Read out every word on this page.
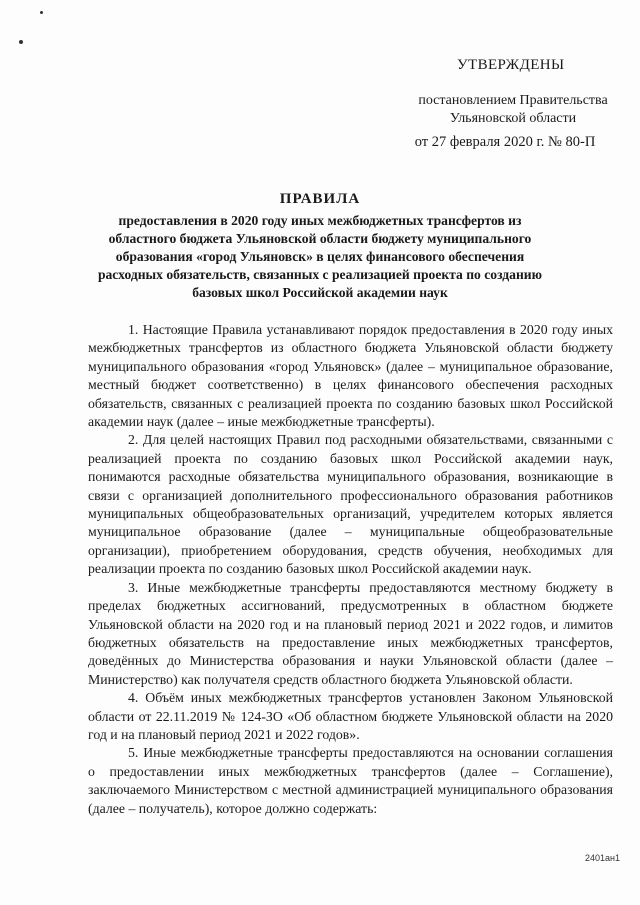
УТВЕРЖДЕНЫ
постановлением Правительства
Ульяновской области
от 27 февраля 2020 г. № 80-П
ПРАВИЛА
предоставления в 2020 году иных межбюджетных трансфертов из областного бюджета Ульяновской области бюджету муниципального образования «город Ульяновск» в целях финансового обеспечения расходных обязательств, связанных с реализацией проекта по созданию базовых школ Российской академии наук

1. Настоящие Правила устанавливают порядок предоставления в 2020 году иных межбюджетных трансфертов из областного бюджета Ульяновской области бюджету муниципального образования «город Ульяновск» (далее – муниципальное образование, местный бюджет соответственно) в целях финансового обеспечения расходных обязательств, связанных с реализацией проекта по созданию базовых школ Российской академии наук (далее – иные межбюджетные трансферты).

2. Для целей настоящих Правил под расходными обязательствами, связанными с реализацией проекта по созданию базовых школ Российской академии наук, понимаются расходные обязательства муниципального образования, возникающие в связи с организацией дополнительного профессионального образования работников муниципальных общеобразовательных организаций, учредителем которых является муниципальное образование (далее – муниципальные общеобразовательные организации), приобретением оборудования, средств обучения, необходимых для реализации проекта по созданию базовых школ Российской академии наук.

3. Иные межбюджетные трансферты предоставляются местному бюджету в пределах бюджетных ассигнований, предусмотренных в областном бюджете Ульяновской области на 2020 год и на плановый период 2021 и 2022 годов, и лимитов бюджетных обязательств на предоставление иных межбюджетных трансфертов, доведённых до Министерства образования и науки Ульяновской области (далее – Министерство) как получателя средств областного бюджета Ульяновской области.

4. Объём иных межбюджетных трансфертов установлен Законом Ульяновской области от 22.11.2019 № 124-ЗО «Об областном бюджете Ульяновской области на 2020 год и на плановый период 2021 и 2022 годов».

5. Иные межбюджетные трансферты предоставляются на основании соглашения о предоставлении иных межбюджетных трансфертов (далее – Соглашение), заключаемого Министерством с местной администрацией муниципального образования (далее – получатель), которое должно содержать:

2401ан1
